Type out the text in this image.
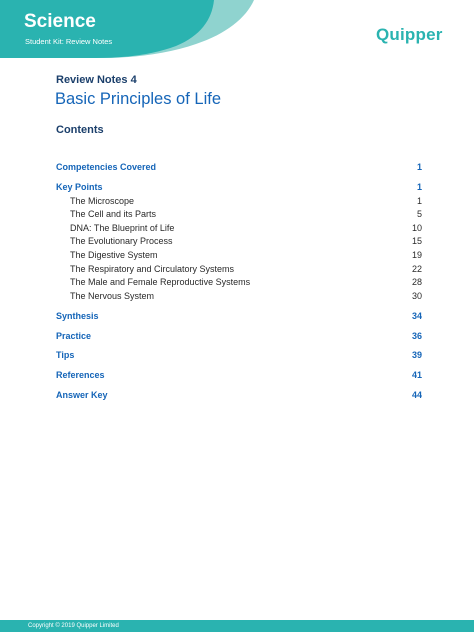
Science
Student Kit: Review Notes	Quipper
Review Notes 4
Basic Principles of Life
Contents
Competencies Covered	1
Key Points	1
The Microscope	1
The Cell and its Parts	5
DNA: The Blueprint of Life	10
The Evolutionary Process	15
The Digestive System	19
The Respiratory and Circulatory Systems	22
The Male and Female Reproductive Systems	28
The Nervous System	30
Synthesis	34
Practice	36
Tips	39
References	41
Answer Key	44
Copyright © 2019 Quipper Limited
